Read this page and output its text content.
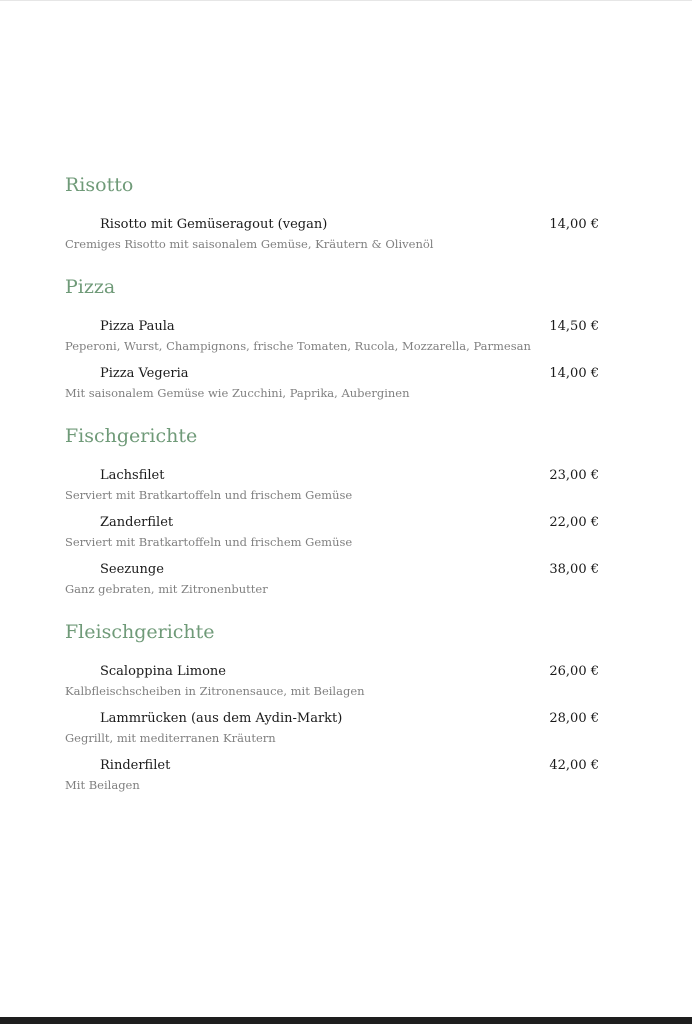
Risotto
Risotto mit Gemüseragout (vegan)	14,00 €
Cremiges Risotto mit saisonalem Gemüse, Kräutern & Olivenöl
Pizza
Pizza Paula	14,50 €
Peperoni, Wurst, Champignons, frische Tomaten, Rucola, Mozzarella, Parmesan
Pizza Vegeria	14,00 €
Mit saisonalem Gemüse wie Zucchini, Paprika, Auberginen
Fischgerichte
Lachsfilet	23,00 €
Serviert mit Bratkartoffeln und frischem Gemüse
Zanderfilet	22,00 €
Serviert mit Bratkartoffeln und frischem Gemüse
Seezunge	38,00 €
Ganz gebraten, mit Zitronenbutter
Fleischgerichte
Scaloppina Limone	26,00 €
Kalbfleischscheiben in Zitronensauce, mit Beilagen
Lammrücken (aus dem Aydin-Markt)	28,00 €
Gegrillt, mit mediterranen Kräutern
Rinderfilet	42,00 €
Mit Beilagen
